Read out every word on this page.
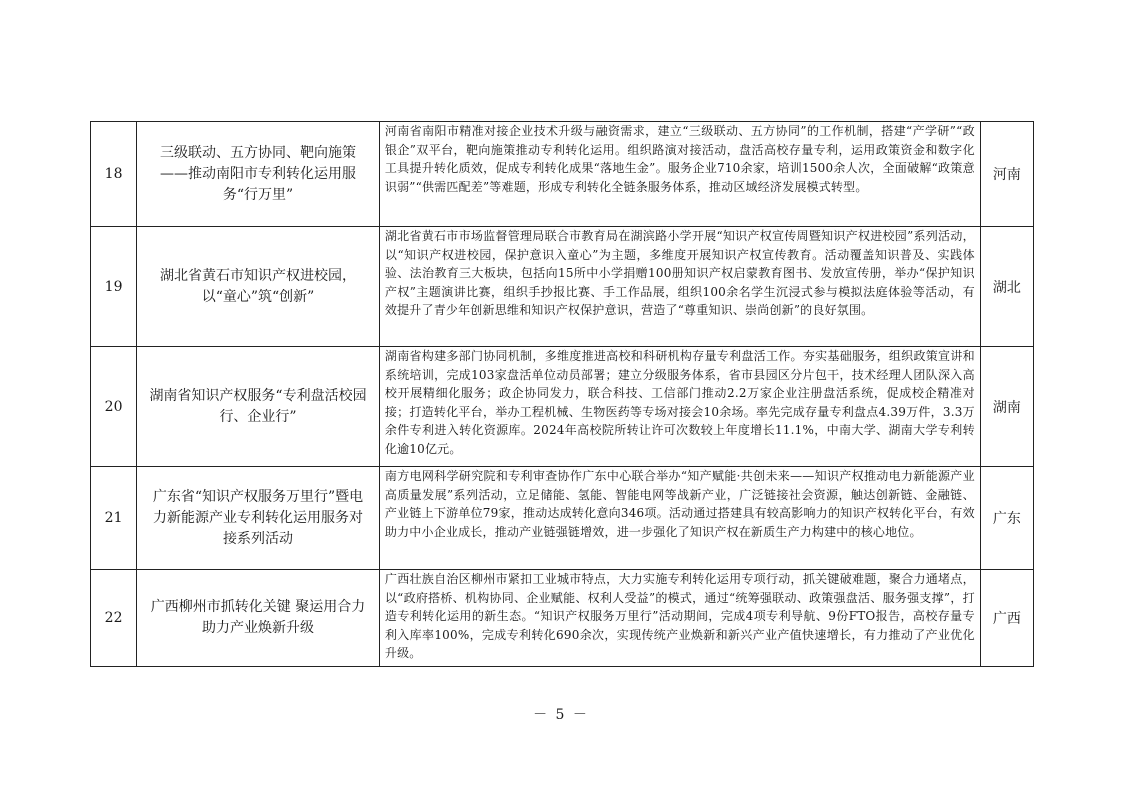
18	三级联动、五方协同、靶向施策——推动南阳市专利转化运用服务“行万里”	河南省南阳市精准对接企业技术升级与融资需求，建立“三级联动、五方协同”的工作机制，搭建“产学研”“政银企”双平台，靶向施策推动专利转化运用。组织路演对接活动，盘活高校存量专利，运用政策资金和数字化工具提升转化质效，促成专利转化成果“落地生金”。服务企业710余家，培训1500余人次，全面破解“政策意识弱”“供需匹配差”等难题，形成专利转化全链条服务体系，推动区域经济发展模式转型。	河南
19	湖北省黄石市知识产权进校园，以“童心”筑“创新”	湖北省黄石市市场监督管理局联合市教育局在湖滨路小学开展“知识产权宣传周暨知识产权进校园”系列活动，以“知识产权进校园，保护意识入童心”为主题，多维度开展知识产权宣传教育。活动覆盖知识普及、实践体验、法治教育三大板块，包括向15所中小学捐赠100册知识产权启蒙教育图书、发放宣传册，举办“保护知识产权”主题演讲比赛，组织手抄报比赛、手工作品展，组织100余名学生沉浸式参与模拟法庭体验等活动，有效提升了青少年创新思维和知识产权保护意识，营造了“尊重知识、崇尚创新”的良好氛围。	湖北
20	湖南省知识产权服务“专利盘活校园行、企业行”	湖南省构建多部门协同机制，多维度推进高校和科研机构存量专利盘活工作。夯实基础服务，组织政策宣讲和系统培训，完成103家盘活单位动员部署；建立分级服务体系，省市县园区分片包干，技术经理人团队深入高校开展精细化服务；政企协同发力，联合科技、工信部门推动2.2万家企业注册盘活系统，促成校企精准对接；打造转化平台，举办工程机械、生物医药等专场对接会10余场。率先完成存量专利盘点4.39万件，3.3万余件专利进入转化资源库。2024年高校院所转让许可次数较上年度增长11.1%，中南大学、湖南大学专利转化逾10亿元。	湖南
21	广东省“知识产权服务万里行”暨电力新能源产业专利转化运用服务对接系列活动	南方电网科学研究院和专利审查协作广东中心联合举办“知产赋能·共创未来——知识产权推动电力新能源产业高质量发展”系列活动，立足储能、氢能、智能电网等战新产业，广泛链接社会资源，触达创新链、金融链、产业链上下游单位79家，推动达成转化意向346项。活动通过搭建具有较高影响力的知识产权转化平台，有效助力中小企业成长，推动产业链强链增效，进一步强化了知识产权在新质生产力构建中的核心地位。	广东
22	广西柳州市抓转化关键 聚运用合力 助力产业焕新升级	广西壮族自治区柳州市紧扣工业城市特点，大力实施专利转化运用专项行动，抓关键破难题，聚合力通堵点，以“政府搭桥、机构协同、企业赋能、权利人受益”的模式，通过“统筹强联动、政策强盘活、服务强支撑”，打造专利转化运用的新生态。“知识产权服务万里行”活动期间，完成4项专利导航、9份FTO报告，高校存量专利入库率100%，完成专利转化690余次，实现传统产业焕新和新兴产业产值快速增长，有力推动了产业优化升级。	广西
－ 5 －
